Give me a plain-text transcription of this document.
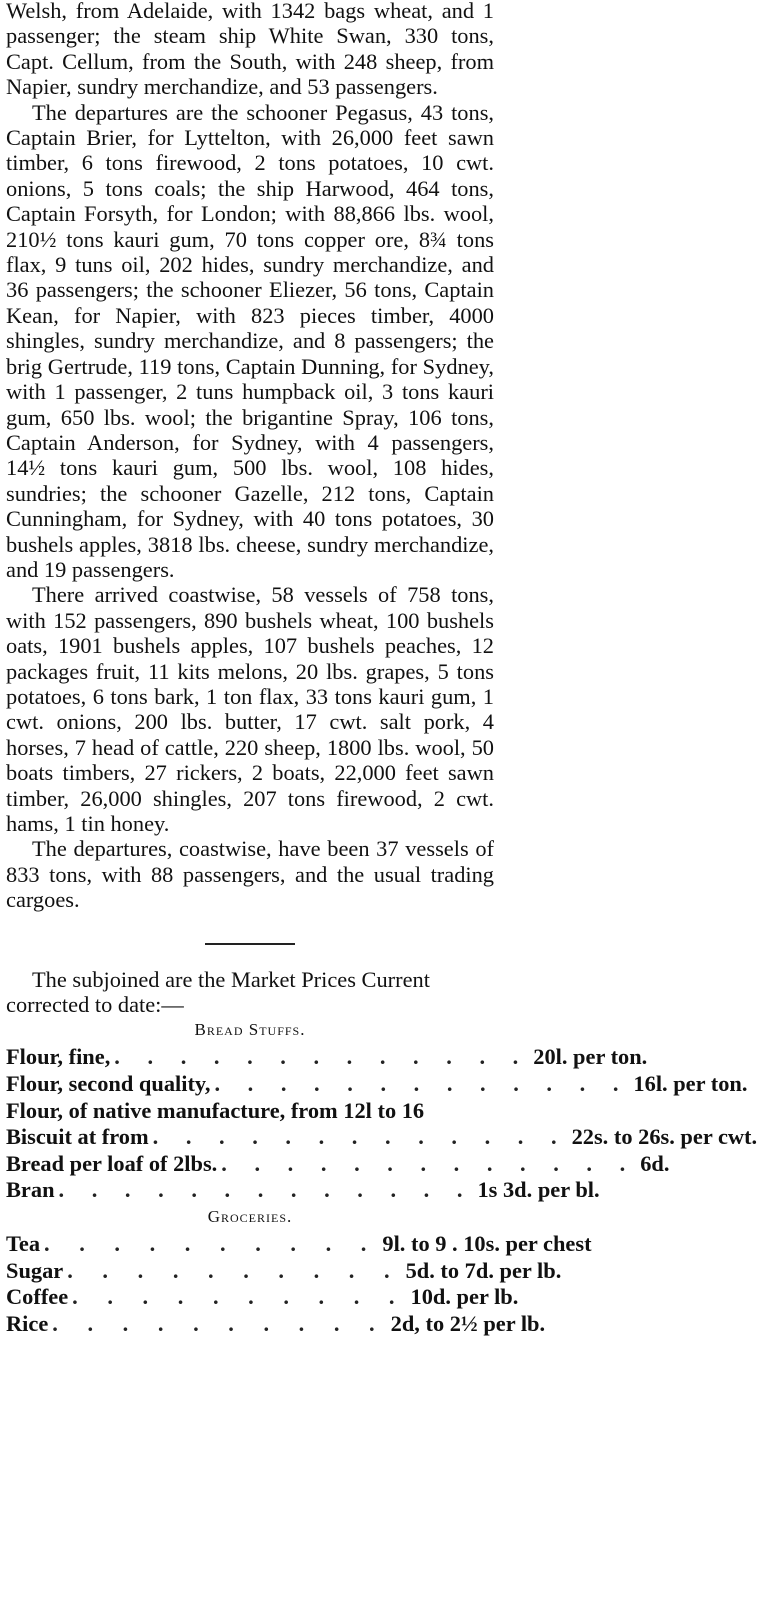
Welsh, from Adelaide, with 1342 bags wheat, and 1 passenger; the steam ship White Swan, 330 tons, Capt. Cellum, from the South, with 248 sheep, from Napier, sundry merchandize, and 53 passengers.

The departures are the schooner Pegasus, 43 tons, Captain Brier, for Lyttelton, with 26,000 feet sawn timber, 6 tons firewood, 2 tons potatoes, 10 cwt. onions, 5 tons coals; the ship Harwood, 464 tons, Captain Forsyth, for London; with 88,866 lbs. wool, 210½ tons kauri gum, 70 tons copper ore, 8¾ tons flax, 9 tuns oil, 202 hides, sundry merchandize, and 36 passengers; the schooner Eliezer, 56 tons, Captain Kean, for Napier, with 823 pieces timber, 4000 shingles, sundry merchandize, and 8 passengers; the brig Gertrude, 119 tons, Captain Dunning, for Sydney, with 1 passenger, 2 tuns humpback oil, 3 tons kauri gum, 650 lbs. wool; the brigantine Spray, 106 tons, Captain Anderson, for Sydney, with 4 passengers, 14½ tons kauri gum, 500 lbs. wool, 108 hides, sundries; the schooner Gazelle, 212 tons, Captain Cunningham, for Sydney, with 40 tons potatoes, 30 bushels apples, 3818 lbs. cheese, sundry merchandize, and 19 passengers.

There arrived coastwise, 58 vessels of 758 tons, with 152 passengers, 890 bushels wheat, 100 bushels oats, 1901 bushels apples, 107 bushels peaches, 12 packages fruit, 11 kits melons, 20 lbs. grapes, 5 tons potatoes, 6 tons bark, 1 ton flax, 33 tons kauri gum, 1 cwt. onions, 200 lbs. butter, 17 cwt. salt pork, 4 horses, 7 head of cattle, 220 sheep, 1800 lbs. wool, 50 boats timbers, 27 rickers, 2 boats, 22,000 feet sawn timber, 26,000 shingles, 207 tons firewood, 2 cwt. hams, 1 tin honey.

The departures, coastwise, have been 37 vessels of 833 tons, with 88 passengers, and the usual trading cargoes.

The subjoined are the Market Prices Current corrected to date:—

Bread Stuffs.
Flour, fine, . . . . . . . . . . . . . 20l. per ton.
Flour, second quality, . . . . . . . . . . . . . 16l. per ton.
Flour, of native manufacture, from 12l to 16
Biscuit at from . . . . . . . . . . . . . 22s. to 26s. per cwt.
Bread per loaf of 2lbs. . . . . . . . . . . . . . 6d.
Bran . . . . . . . . . . . . . 1s 3d. per bl.
Groceries.
Tea . . . . . . . . . . 9l. to 9 . 10s. per chest
Sugar . . . . . . . . . . 5d. to 7d. per lb.
Coffee . . . . . . . . . . 10d. per lb.
Rice . . . . . . . . . . 2d, to 2½ per lb.
